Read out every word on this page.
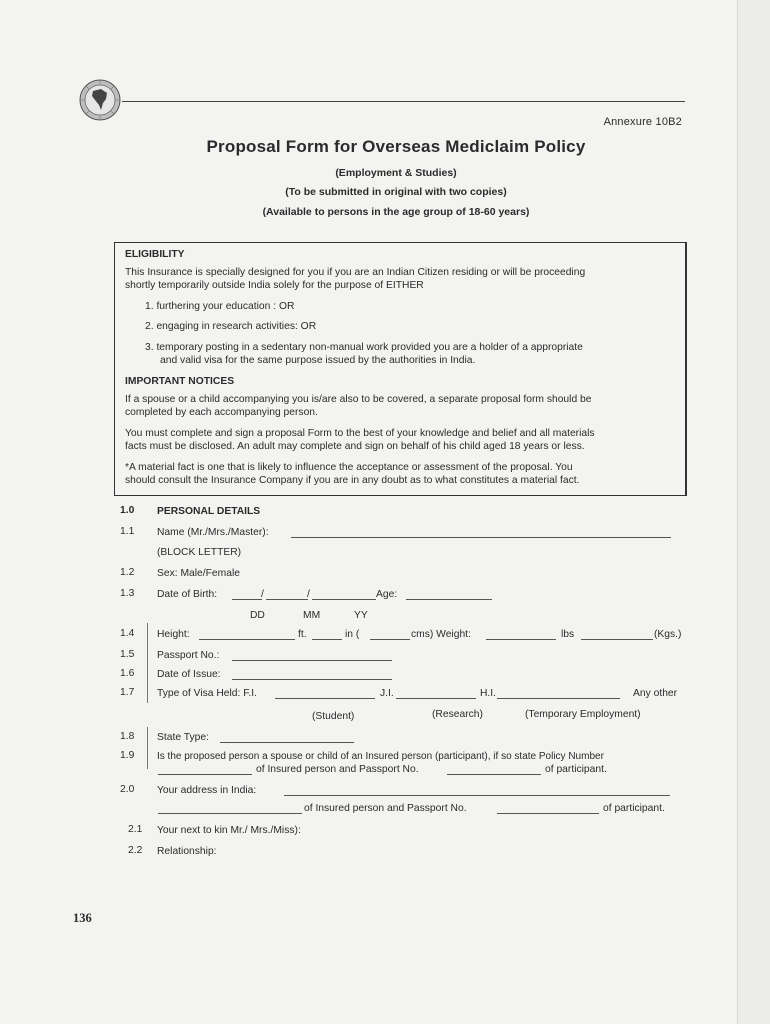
Annexure 10B2
Proposal Form for Overseas Mediclaim Policy
(Employment & Studies)
(To be submitted in original with two copies)
(Available to persons in the age group of 18-60 years)
ELIGIBILITY
This Insurance is specially designed for you if you are an Indian Citizen residing or will be proceeding
shortly temporarily outside India solely for the purpose of EITHER
1. furthering your education : OR
2. engaging in research activities: OR
3. temporary posting in a sedentary non-manual work provided you are a holder of a appropriate
and valid visa for the same purpose issued by the authorities in India.
IMPORTANT NOTICES
If a spouse or a child accompanying you is/are also to be covered, a separate proposal form should be
completed by each accompanying person.
You must complete and sign a proposal Form to the best of your knowledge and belief and all materials
facts must be disclosed. An adult may complete and sign on behalf of his child aged 18 years or less.
*A material fact is one that is likely to influence the acceptance or assessment of the proposal. You
should consult the Insurance Company if you are in any doubt as to what constitutes a material fact.
1.0 PERSONAL DETAILS
1.1 Name (Mr./Mrs./Master):
(BLOCK LETTER)
1.2 Sex: Male/Female
1.3 Date of Birth:	/	/	Age:
DD	MM	YY
1.4 Height:	ft.	in (	cms) Weight:	lbs	(Kgs.)
1.5 Passport No.:
1.6 Date of Issue:
1.7 Type of Visa Held: F.I.	J.I.	H.I.	Any other
(Student)	(Research)	(Temporary Employment)
1.8 State Type:
1.9 Is the proposed person a spouse or child of an Insured person (participant), if so state Policy Number
of Insured person and Passport No.	of participant.
2.0 Your address in India:
of Insured person and Passport No.	of participant.
2.1 Your next to kin Mr./ Mrs./Miss):
2.2 Relationship:
136
